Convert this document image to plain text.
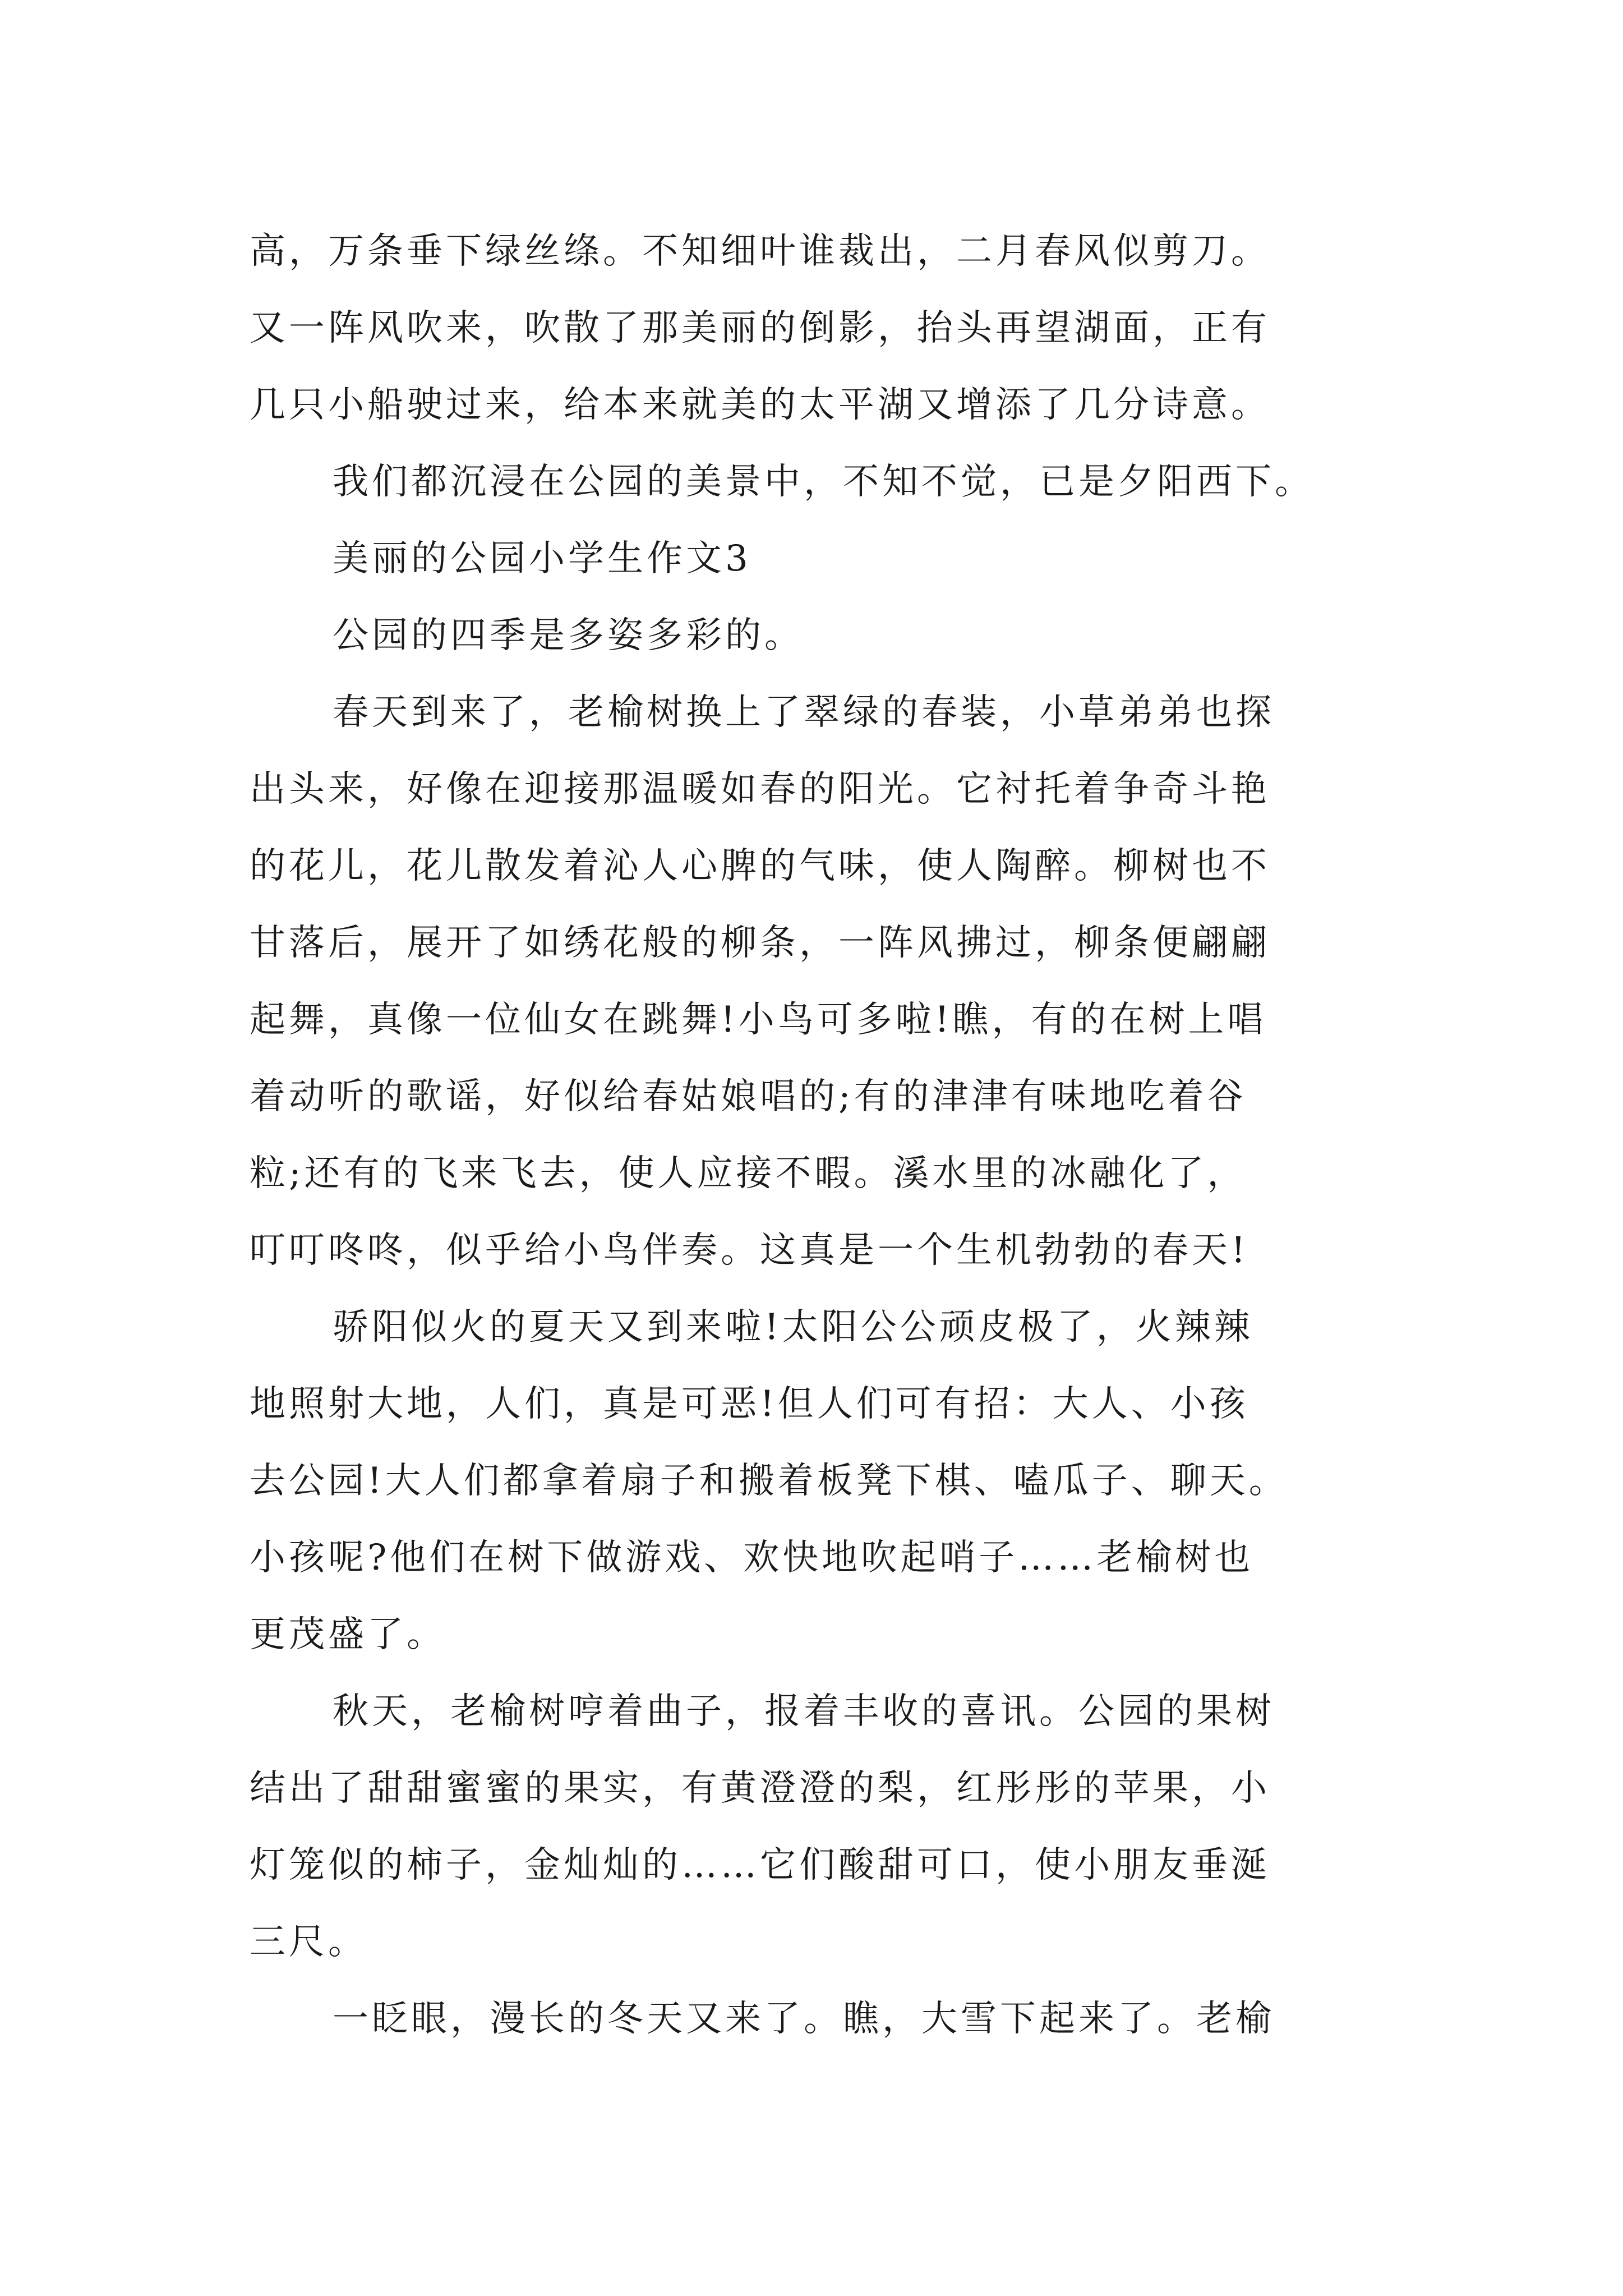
高，万条垂下绿丝绦。不知细叶谁裁出，二月春风似剪刀。
又一阵风吹来，吹散了那美丽的倒影，抬头再望湖面，正有
几只小船驶过来，给本来就美的太平湖又增添了几分诗意。
我们都沉浸在公园的美景中，不知不觉，已是夕阳西下。
美丽的公园小学生作文3
公园的四季是多姿多彩的。
春天到来了，老榆树换上了翠绿的春装，小草弟弟也探
出头来，好像在迎接那温暖如春的阳光。它衬托着争奇斗艳
的花儿，花儿散发着沁人心脾的气味，使人陶醉。柳树也不
甘落后，展开了如绣花般的柳条，一阵风拂过，柳条便翩翩
起舞，真像一位仙女在跳舞!小鸟可多啦!瞧，有的在树上唱
着动听的歌谣，好似给春姑娘唱的;有的津津有味地吃着谷
粒;还有的飞来飞去，使人应接不暇。溪水里的冰融化了，
叮叮咚咚，似乎给小鸟伴奏。这真是一个生机勃勃的春天!
骄阳似火的夏天又到来啦!太阳公公顽皮极了，火辣辣
地照射大地，人们，真是可恶!但人们可有招：大人、小孩
去公园!大人们都拿着扇子和搬着板凳下棋、嗑瓜子、聊天。
小孩呢?他们在树下做游戏、欢快地吹起哨子……老榆树也
更茂盛了。
秋天，老榆树哼着曲子，报着丰收的喜讯。公园的果树
结出了甜甜蜜蜜的果实，有黄澄澄的梨，红彤彤的苹果，小
灯笼似的柿子，金灿灿的……它们酸甜可口，使小朋友垂涎
三尺。
一眨眼，漫长的冬天又来了。瞧，大雪下起来了。老榆
